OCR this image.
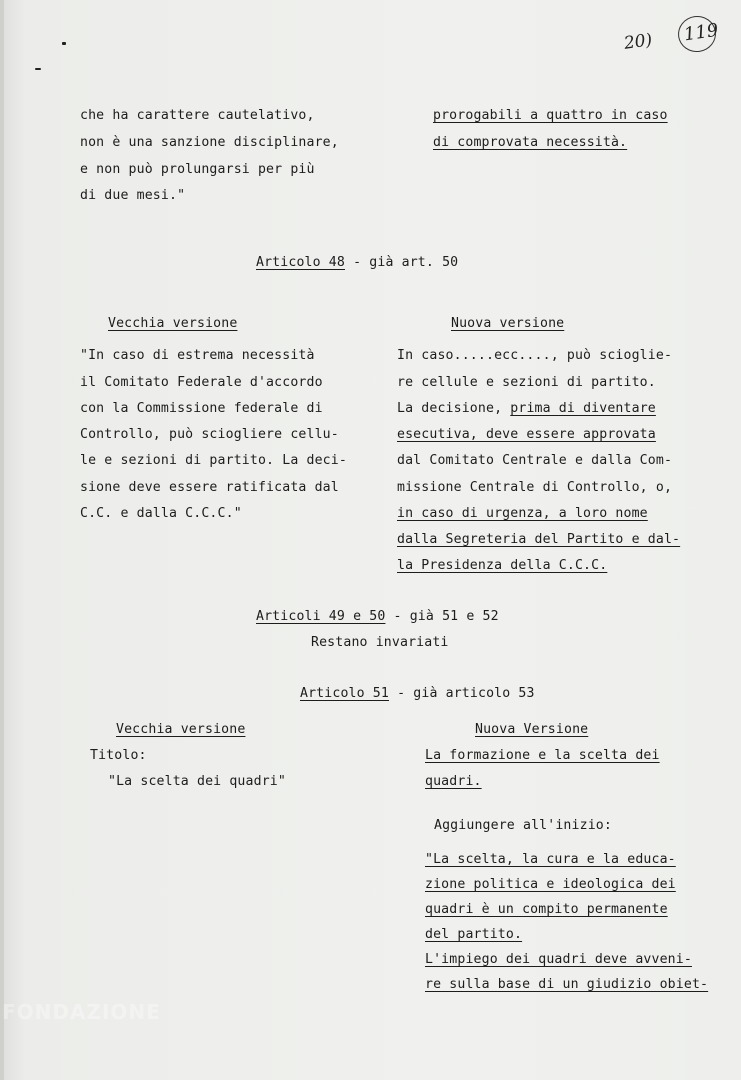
20) 119
che ha carattere cautelativo,
non è una sanzione disciplinare,
e non può prolungarsi per più
di due mesi."
prorogabili a quattro in caso
di comprovata necessità.
Articolo 48 - già art. 50
Vecchia versione	Nuova versione
"In caso di estrema necessità
il Comitato Federale d'accordo
con la Commissione federale di
Controllo, può sciogliere cellu-
le e sezioni di partito. La deci-
sione deve essere ratificata dal
C.C. e dalla C.C.C."
In caso.....ecc...., può scioglie-
re cellule e sezioni di partito.
La decisione, prima di diventare
esecutiva, deve essere approvata
dal Comitato Centrale e dalla Com-
missione Centrale di Controllo, o,
in caso di urgenza, a loro nome
dalla Segreteria del Partito e dal-
la Presidenza della C.C.C.
Articoli 49 e 50 - già 51 e 52
Restano invariati
Articolo 51 - già articolo 53
Vecchia versione	Nuova Versione
Titolo:
"La scelta dei quadri"
La formazione e la scelta dei
quadri.
Aggiungere all'inizio:
"La scelta, la cura e la educa-
zione politica e ideologica dei
quadri è un compito permanente
del partito.
L'impiego dei quadri deve avveni-
re sulla base di un giudizio obiet-
FONDAZIONE
